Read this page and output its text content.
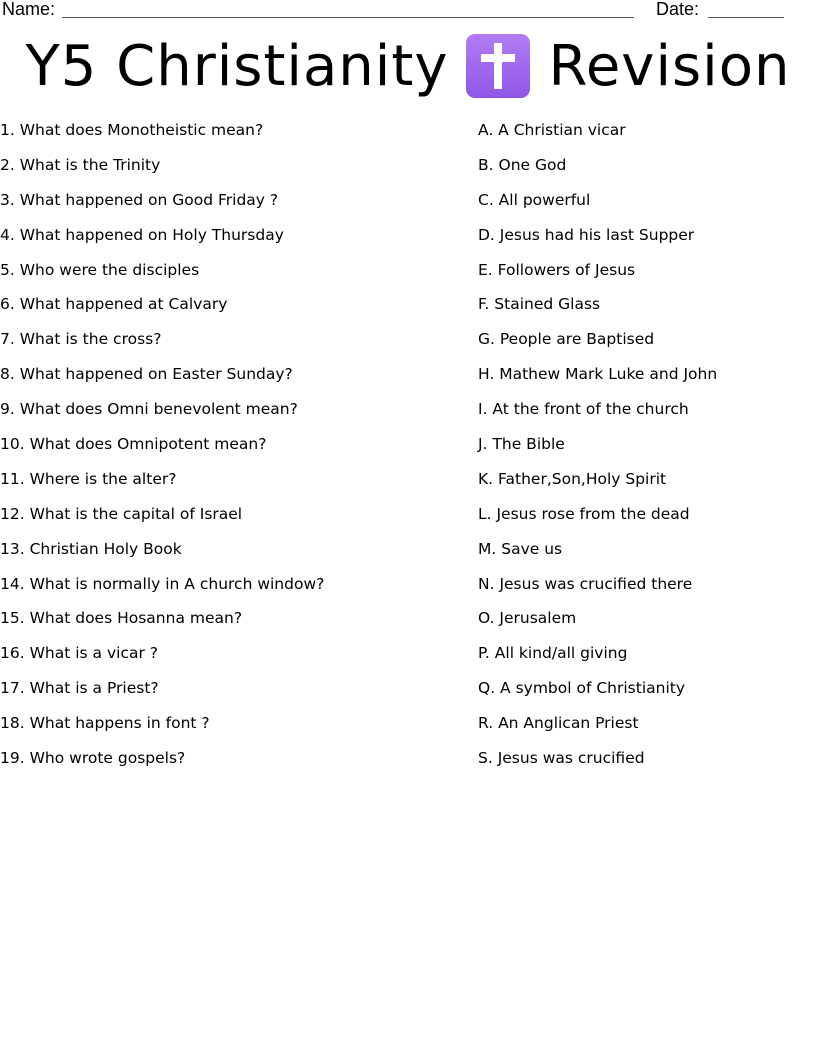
Name:	Date:
Y5 Christianity Revision
1. What does Monotheistic mean?
2. What is the Trinity
3. What happened on Good Friday ?
4. What happened on Holy Thursday
5. Who were the disciples
6. What happened at Calvary
7. What is the cross?
8. What happened on Easter Sunday?
9. What does Omni benevolent mean?
10. What does Omnipotent mean?
11. Where is the alter?
12. What is the capital of Israel
13. Christian Holy Book
14. What is normally in A church window?
15. What does Hosanna mean?
16. What is a vicar ?
17. What is a Priest?
18. What happens in font ?
19. Who wrote gospels?
A. A Christian vicar
B. One God
C. All powerful
D. Jesus had his last Supper
E. Followers of Jesus
F. Stained Glass
G. People are Baptised
H. Mathew Mark Luke and John
I. At the front of the church
J. The Bible
K. Father,Son,Holy Spirit
L. Jesus rose from the dead
M. Save us
N. Jesus was crucified there
O. Jerusalem
P. All kind/all giving
Q. A symbol of Christianity
R. An Anglican Priest
S. Jesus was crucified
